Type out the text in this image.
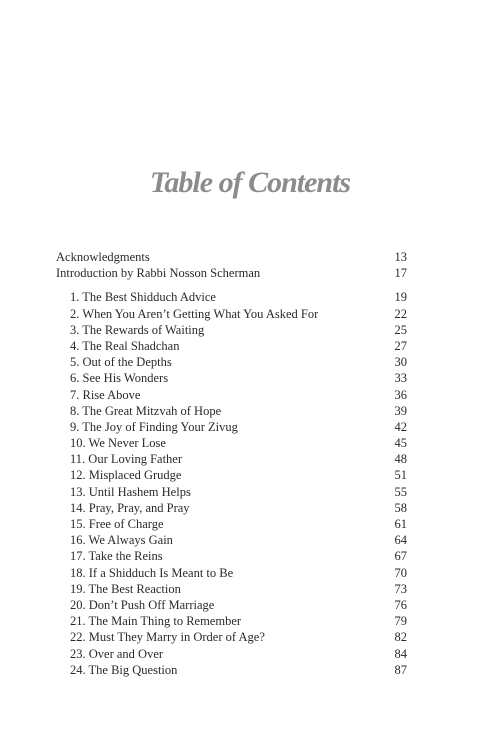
Table of Contents
Acknowledgments	13
Introduction by Rabbi Nosson Scherman	17
1. The Best Shidduch Advice	19
2. When You Aren’t Getting What You Asked For	22
3. The Rewards of Waiting	25
4. The Real Shadchan	27
5. Out of the Depths	30
6. See His Wonders	33
7. Rise Above	36
8. The Great Mitzvah of Hope	39
9. The Joy of Finding Your Zivug	42
10. We Never Lose	45
11. Our Loving Father	48
12. Misplaced Grudge	51
13. Until Hashem Helps	55
14. Pray, Pray, and Pray	58
15. Free of Charge	61
16. We Always Gain	64
17. Take the Reins	67
18. If a Shidduch Is Meant to Be	70
19. The Best Reaction	73
20. Don’t Push Off Marriage	76
21. The Main Thing to Remember	79
22. Must They Marry in Order of Age?	82
23. Over and Over	84
24. The Big Question	87
